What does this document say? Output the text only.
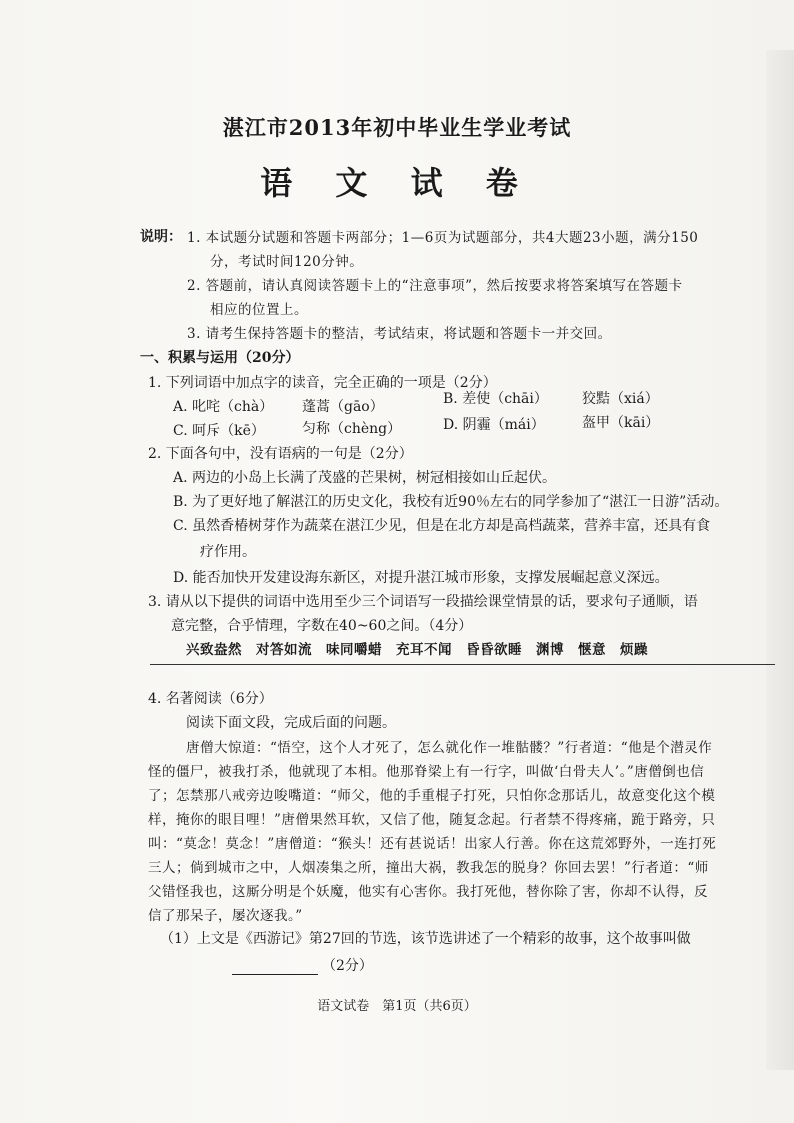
湛江市2013年初中毕业生学业考试
语 文 试 卷
说明： 1. 本试题分试题和答题卡两部分；1—6页为试题部分，共4大题23小题，满分150
分，考试时间120分钟。
2. 答题前，请认真阅读答题卡上的“注意事项”，然后按要求将答案填写在答题卡
相应的位置上。
3. 请考生保持答题卡的整洁，考试结束，将试题和答题卡一并交回。
一、积累与运用（20分）
1. 下列词语中加点字的读音，完全正确的一项是（2分）
A. 叱咤（chà） 蓬蒿（gāo）	B. 差使（chāi） 狡黠（xiá）
C. 呵斥（kē）	匀称（chèng）	D. 阴霾（mái）	盔甲（kāi）
2. 下面各句中，没有语病的一句是（2分）
A. 两边的小岛上长满了茂盛的芒果树，树冠相接如山丘起伏。
B. 为了更好地了解湛江的历史文化，我校有近90％左右的同学参加了“湛江一日游”活动。
C. 虽然香椿树芽作为蔬菜在湛江少见，但是在北方却是高档蔬菜，营养丰富，还具有食
疗作用。
D. 能否加快开发建设海东新区，对提升湛江城市形象，支撑发展崛起意义深远。
3. 请从以下提供的词语中选用至少三个词语写一段描绘课堂情景的话，要求句子通顺，语
意完整，合乎情理，字数在40~60之间。（4分）
兴致盎然　对答如流　味同嚼蜡　充耳不闻　昏昏欲睡　渊博　惬意　烦躁
4. 名著阅读（6分）
阅读下面文段，完成后面的问题。
唐僧大惊道：“悟空，这个人才死了，怎么就化作一堆骷髅？”行者道：“他是个潜灵作
怪的僵尸，被我打杀，他就现了本相。他那脊梁上有一行字，叫做‘白骨夫人’。”唐僧倒也信
了；怎禁那八戒旁边唆嘴道：“师父，他的手重棍子打死，只怕你念那话儿，故意变化这个模
样，掩你的眼目哩！”唐僧果然耳软，又信了他，随复念起。行者禁不得疼痛，跪于路旁，只
叫：“莫念！莫念！”唐僧道：“猴头！还有甚说话！出家人行善。你在这荒郊野外，一连打死
三人；倘到城市之中，人烟凑集之所，撞出大祸，教我怎的脱身？你回去罢！”行者道：“师
父错怪我也，这厮分明是个妖魔，他实有心害你。我打死他，替你除了害，你却不认得，反
信了那呆子，屡次逐我。”
（1）上文是《西游记》第27回的节选，该节选讲述了一个精彩的故事，这个故事叫做
（2分）
语文试卷　第1页（共6页）
